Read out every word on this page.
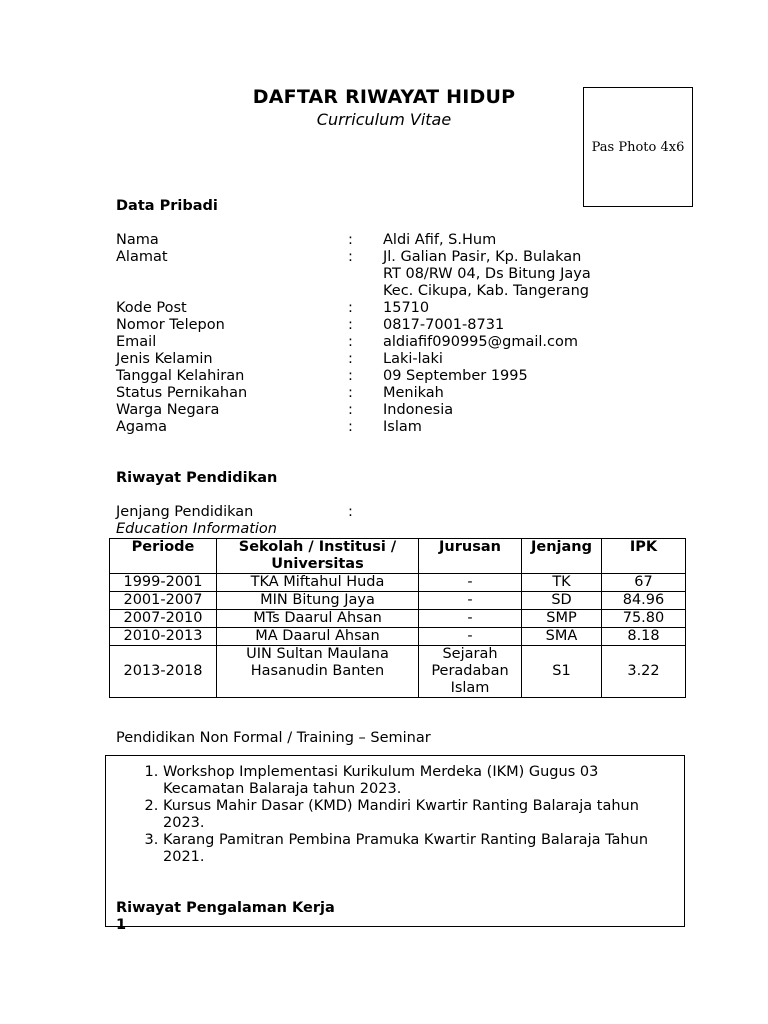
DAFTAR RIWAYAT HIDUP
Curriculum Vitae
Pas Photo 4x6
Data Pribadi
Nama	: Aldi Afif, S.Hum
Alamat	: Jl. Galian Pasir, Kp. Bulakan
RT 08/RW 04, Ds Bitung Jaya
Kec. Cikupa, Kab. Tangerang
Kode Post	: 15710
Nomor Telepon	: 0817-7001-8731
Email	: aldiafif090995@gmail.com
Jenis Kelamin	: Laki-laki
Tanggal Kelahiran	: 09 September 1995
Status Pernikahan	: Menikah
Warga Negara	: Indonesia
Agama	: Islam
Riwayat Pendidikan
Jenjang Pendidikan	:
Education Information
Periode	Sekolah / Institusi / Universitas	Jurusan	Jenjang	IPK
1999-2001	TKA Miftahul Huda	-	TK	67
2001-2007	MIN Bitung Jaya	-	SD	84.96
2007-2010	MTs Daarul Ahsan	-	SMP	75.80
2010-2013	MA Daarul Ahsan	-	SMA	8.18
2013-2018	UIN Sultan Maulana Hasanudin Banten	Sejarah Peradaban Islam	S1	3.22
Pendidikan Non Formal / Training – Seminar
1. Workshop Implementasi Kurikulum Merdeka (IKM) Gugus 03 Kecamatan Balaraja tahun 2023.
2. Kursus Mahir Dasar (KMD) Mandiri Kwartir Ranting Balaraja tahun 2023.
3. Karang Pamitran Pembina Pramuka Kwartir Ranting Balaraja Tahun 2021.
Riwayat Pengalaman Kerja
1
